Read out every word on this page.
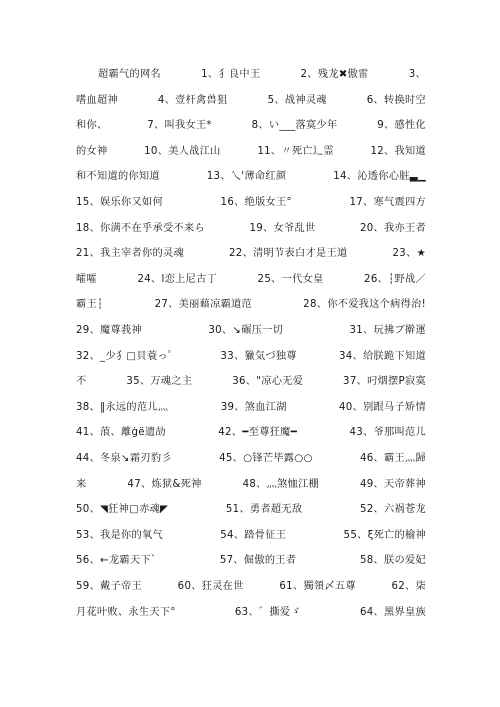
超霸气的网名	1、犭良中王	2、残龙✖傲雷	3、
嗜血超神	4、壹杆禽兽狙	5、战神灵魂	6、转换时空
和你、	7、叫我女王*	8、い___落寞少年	9、感性化
的女神	10、美人战江山	11、〃死亡辶霊	12、我知道
和不知道的你知道	13、乀'薄命红颜	14、沁透你心脏▃▁
15、娱乐你又如何	16、绝版女王°	17、寒气震四方
18、你满不在乎承受不来ら	19、女爷乱世	20、我亦王者
21、我主宰者你的灵魂	22、清明节表白才是王道	23、★
嚯嚯	24、l恋上尼古丁	25、一代女皇	26、┆野战／
霸王┆	27、美丽藉凉霸道范	28、你不爱我这个病得治!
29、魔尊莪神	30、↘碾压一切	31、玩拂ブ擀運
32、_少犭□貝蓑っ゜	33、獵気づ独尊	34、给朕跪下知道
不	35、万魂之主	36、"凉心无爱	37、叼烟摆P寂寞
38、‖永远的范儿灬	39、煞血江湖	40、别跟马子矫情
41、蒗、離ġё遗劼	42、━至尊狂魔━	43、爷那叫范儿
44、冬泉↘霜刃豹彡	45、○锋芒毕露○○	46、霸王灬歸
来	47、炼狱&死神	48、灬煞恤江棚	49、天帝葬神
50、◥狂神□赤魂◤	51、勇者超无敌	52、六祸苍龙
53、我是你的氧气	54、踏骨征王	55、ξ死亡的榆神
56、←龙霸天下`	57、倔傲的王者	58、朕の爱妃
59、戴子帝王	60、狂灵在世	61、獨領〆五尊	62、柒
月花叶败、永生天下°	63、゛撕爱ゞ	64、黑界皇族
